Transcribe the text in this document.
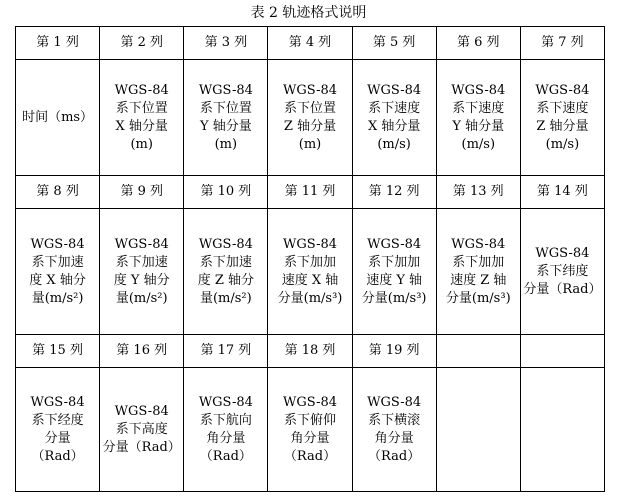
表 2 轨迹格式说明
第 1 列	第 2 列	第 3 列	第 4 列	第 5 列	第 6 列	第 7 列

时间（ms）	WGS-84
系下位置
X 轴分量
(m)	WGS-84
系下位置
Y 轴分量
(m)	WGS-84
系下位置
Z 轴分量
(m)	WGS-84
系下速度
X 轴分量
(m/s)	WGS-84
系下速度
Y 轴分量
(m/s)	WGS-84
系下速度
Z 轴分量
(m/s)

第 8 列	第 9 列	第 10 列	第 11 列	第 12 列	第 13 列	第 14 列

WGS-84
系下加速
度 X 轴分
量(m/s²)	WGS-84
系下加速
度 Y 轴分
量(m/s²)	WGS-84
系下加速
度 Z 轴分
量(m/s²)	WGS-84
系下加加
速度 X 轴
分量(m/s³)	WGS-84
系下加加
速度 Y 轴
分量(m/s³)	WGS-84
系下加加
速度 Z 轴
分量(m/s³)	WGS-84
系下纬度
分量（Rad）

第 15 列	第 16 列	第 17 列	第 18 列	第 19 列		

WGS-84
系下经度
分量
（Rad）	WGS-84
系下高度
分量（Rad）	WGS-84
系下航向
角分量
（Rad）	WGS-84
系下俯仰
角分量
（Rad）	WGS-84
系下横滚
角分量
（Rad）		
